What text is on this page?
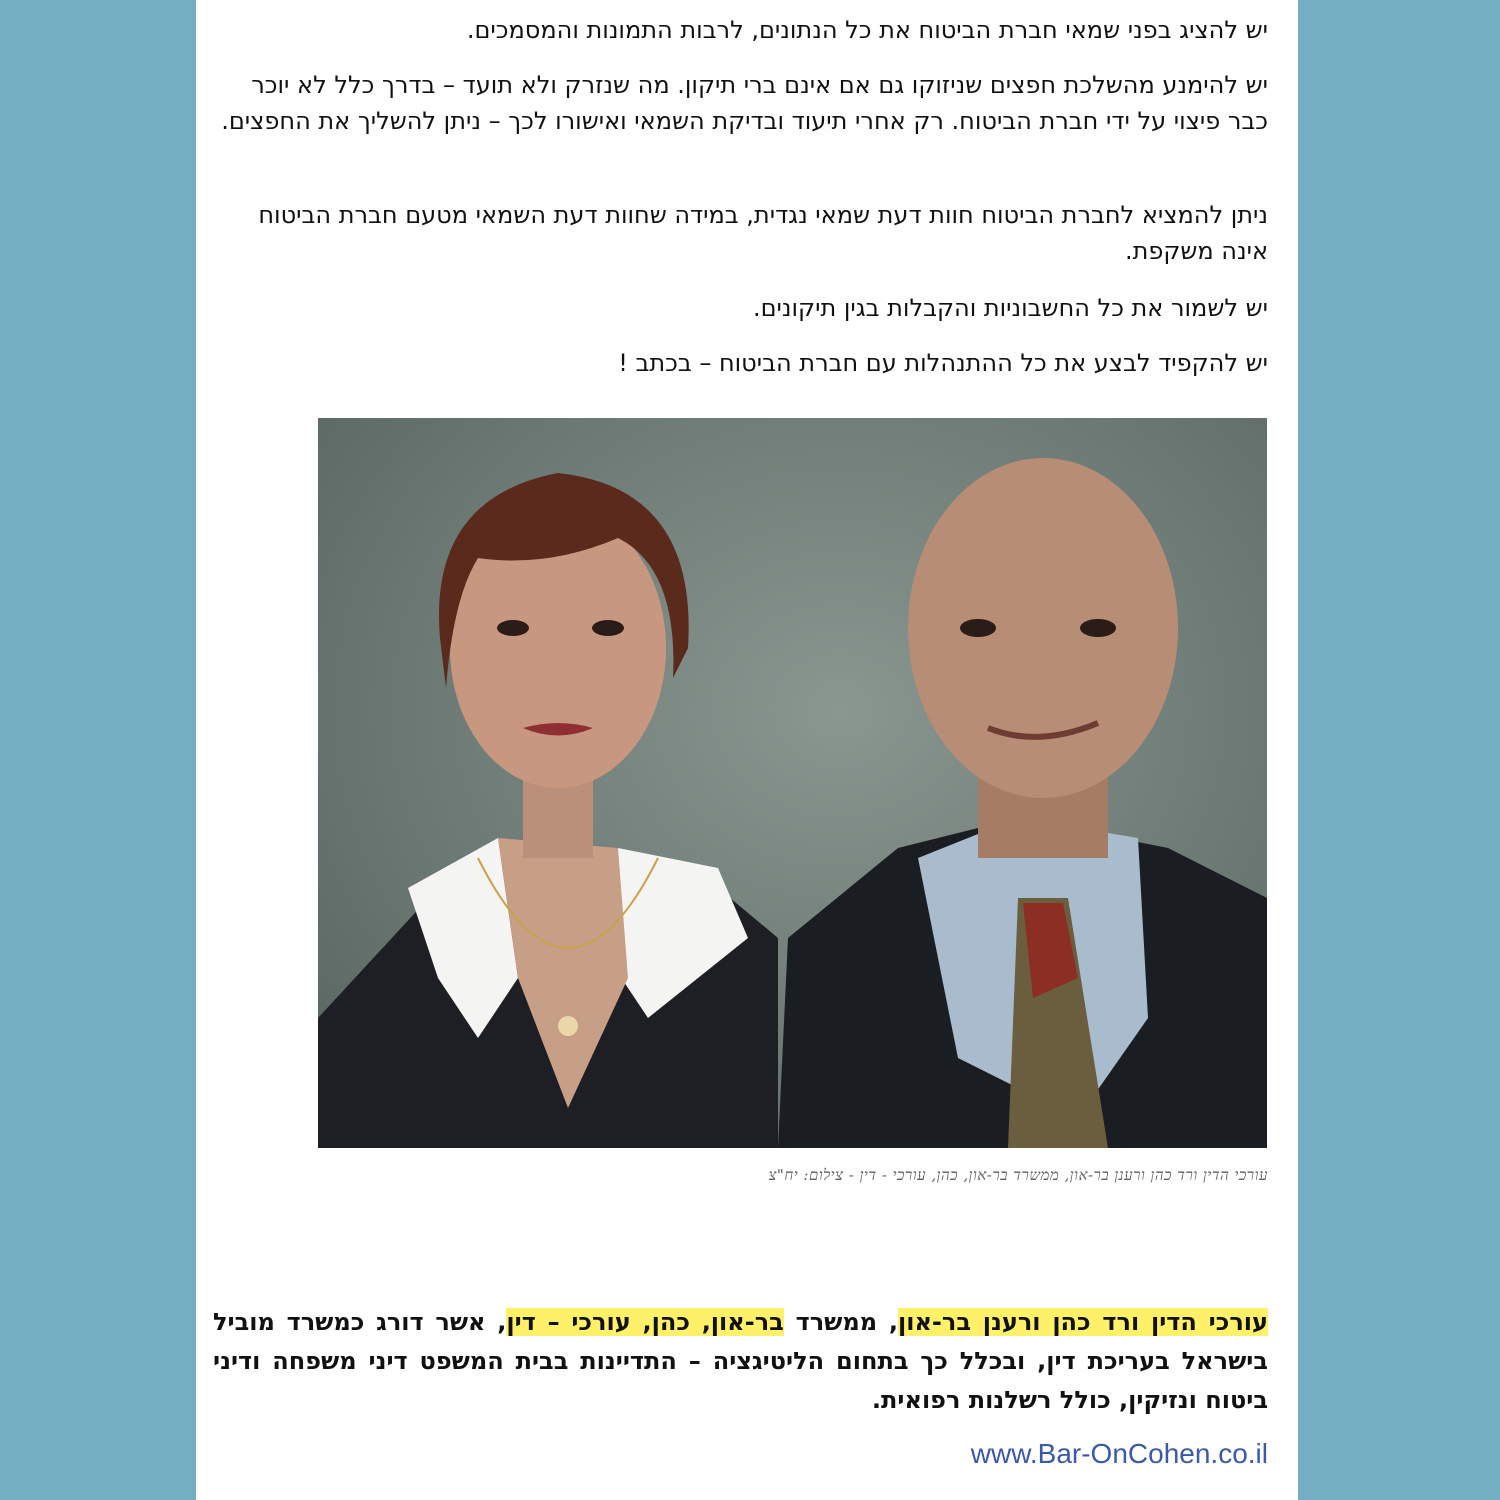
יש להציג בפני שמאי חברת הביטוח את כל הנתונים, לרבות התמונות והמסמכים.

יש להימנע מהשלכת חפצים שניזוקו גם אם אינם ברי תיקון. מה שנזרק ולא תועד – בדרך כלל לא יוכר כבר פיצוי על ידי חברת הביטוח. רק אחרי תיעוד ובדיקת השמאי ואישורו לכך – ניתן להשליך את החפצים.

ניתן להמציא לחברת הביטוח חוות דעת שמאי נגדית, במידה שחוות דעת השמאי מטעם חברת הביטוח אינה משקפת.

יש לשמור את כל החשבוניות והקבלות בגין תיקונים.

יש להקפיד לבצע את כל ההתנהלות עם חברת הביטוח – בכתב !

עורכי הדין ורד כהן ורענן בר-און, ממשרד בר-און, כהן, עורכי - דין - צילום: יח"צ

עורכי הדין ורד כהן ורענן בר-און, ממשרד בר-און, כהן, עורכי – דין, אשר דורג כמשרד מוביל בישראל בעריכת דין, ובכלל כך בתחום הליטיגציה – התדיינות בבית המשפט דיני משפחה ודיני ביטוח ונזיקין, כולל רשלנות רפואית.

www.Bar-OnCohen.co.il
